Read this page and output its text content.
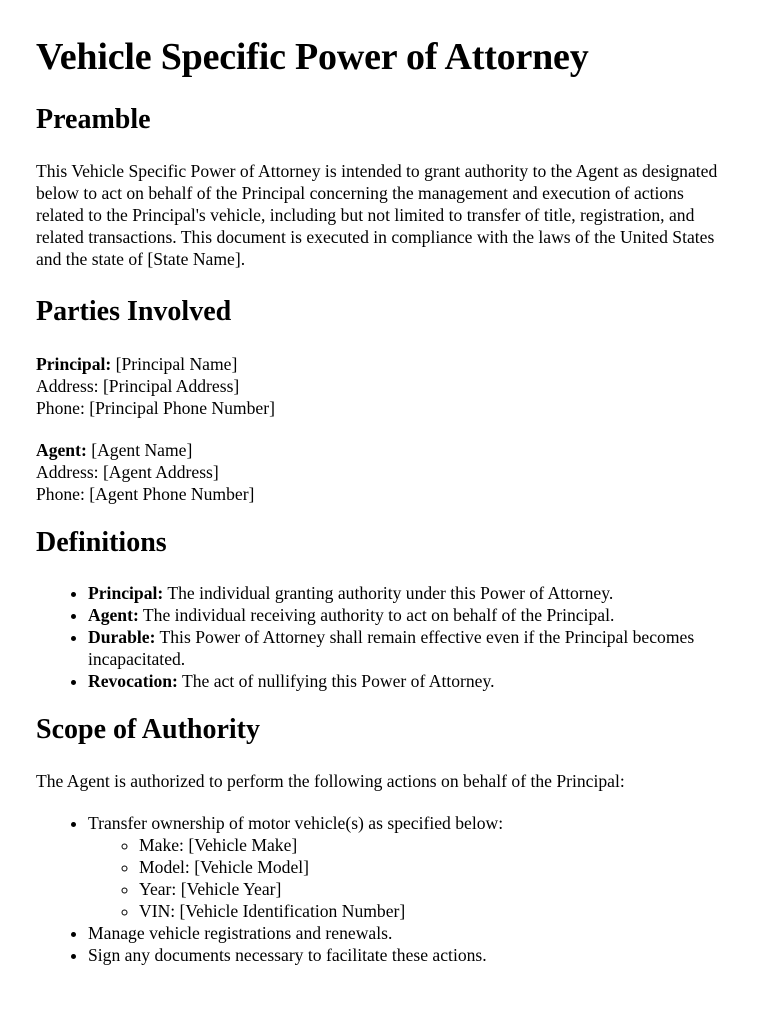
Vehicle Specific Power of Attorney
Preamble

This Vehicle Specific Power of Attorney is intended to grant authority to the Agent as designated below to act on behalf of the Principal concerning the management and execution of actions related to the Principal's vehicle, including but not limited to transfer of title, registration, and related transactions. This document is executed in compliance with the laws of the United States and the state of [State Name].

Parties Involved
Principal: [Principal Name]
Address: [Principal Address]
Phone: [Principal Phone Number]
Agent: [Agent Name]
Address: [Agent Address]
Phone: [Agent Phone Number]
Definitions
• Principal: The individual granting authority under this Power of Attorney.
• Agent: The individual receiving authority to act on behalf of the Principal.
• Durable: This Power of Attorney shall remain effective even if the Principal becomes incapacitated.
• Revocation: The act of nullifying this Power of Attorney.
Scope of Authority

The Agent is authorized to perform the following actions on behalf of the Principal:

• Transfer ownership of motor vehicle(s) as specified below:
◦ Make: [Vehicle Make]
◦ Model: [Vehicle Model]
◦ Year: [Vehicle Year]
◦ VIN: [Vehicle Identification Number]
• Manage vehicle registrations and renewals.
• Sign any documents necessary to facilitate these actions.
